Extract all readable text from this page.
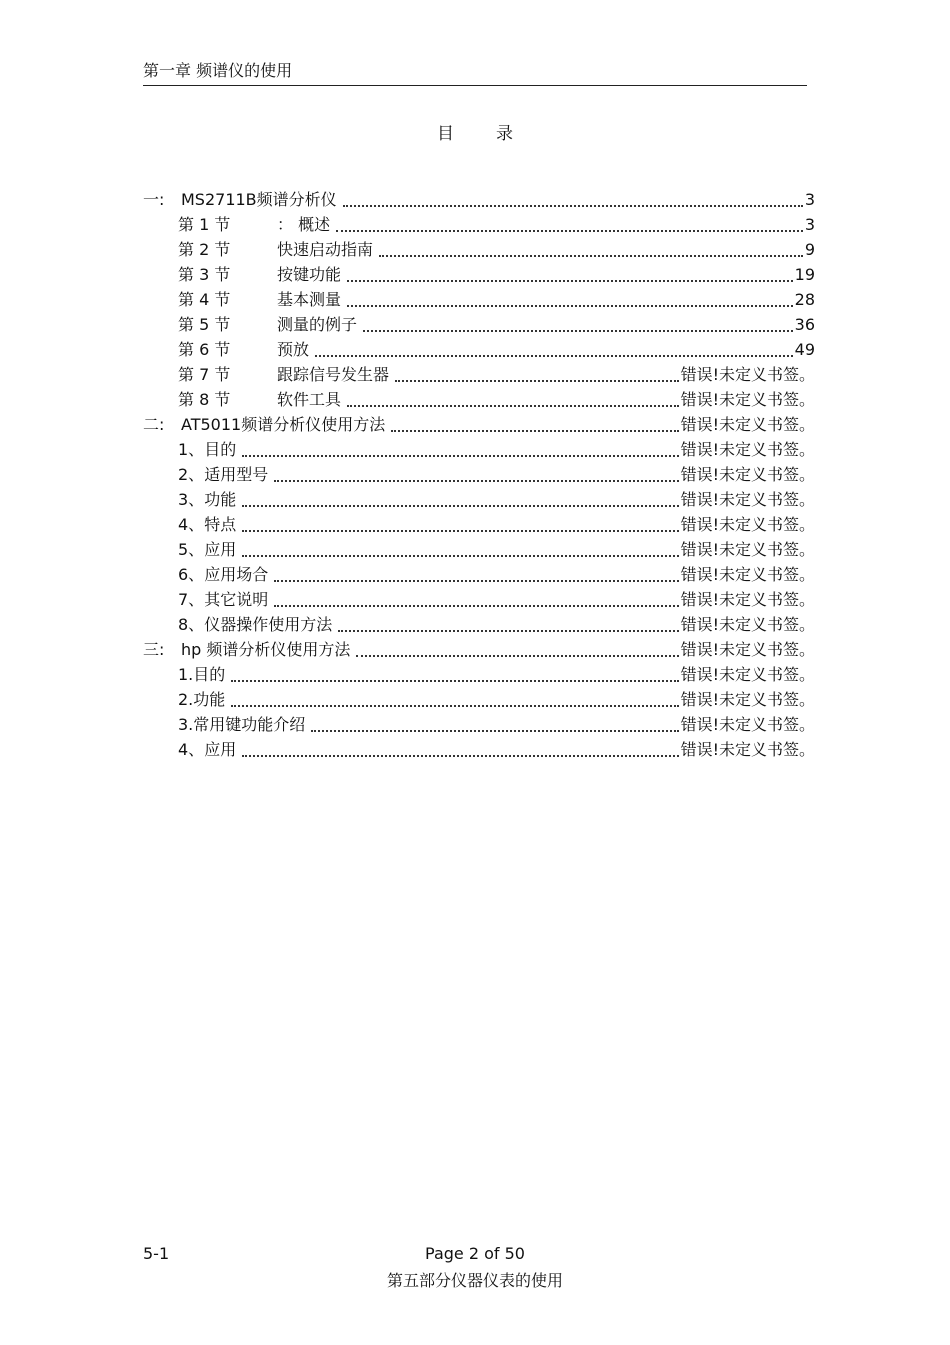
第一章 频谱仪的使用
目录
一:	MS2711B频谱分析仪	3
第 1 节	： 概述	3
第 2 节	快速启动指南	9
第 3 节	按键功能	19
第 4 节	基本测量	28
第 5 节	测量的例子	36
第 6 节	预放	49
第 7 节	跟踪信号发生器	错误!未定义书签。
第 8 节	软件工具	错误!未定义书签。
二:	AT5011频谱分析仪使用方法	错误!未定义书签。
1、 目的	错误!未定义书签。
2、 适用型号	错误!未定义书签。
3、 功能	错误!未定义书签。
4、 特点	错误!未定义书签。
5、 应用	错误!未定义书签。
6、 应用场合	错误!未定义书签。
7、 其它说明	错误!未定义书签。
8、 仪器操作使用方法	错误!未定义书签。
三:	hp 频谱分析仪使用方法	错误!未定义书签。
1. 目的	错误!未定义书签。
2. 功能	错误!未定义书签。
3. 常用键功能介绍	错误!未定义书签。
4、 应用	错误!未定义书签。
5-1	Page 2 of 50
第五部分仪器仪表的使用
